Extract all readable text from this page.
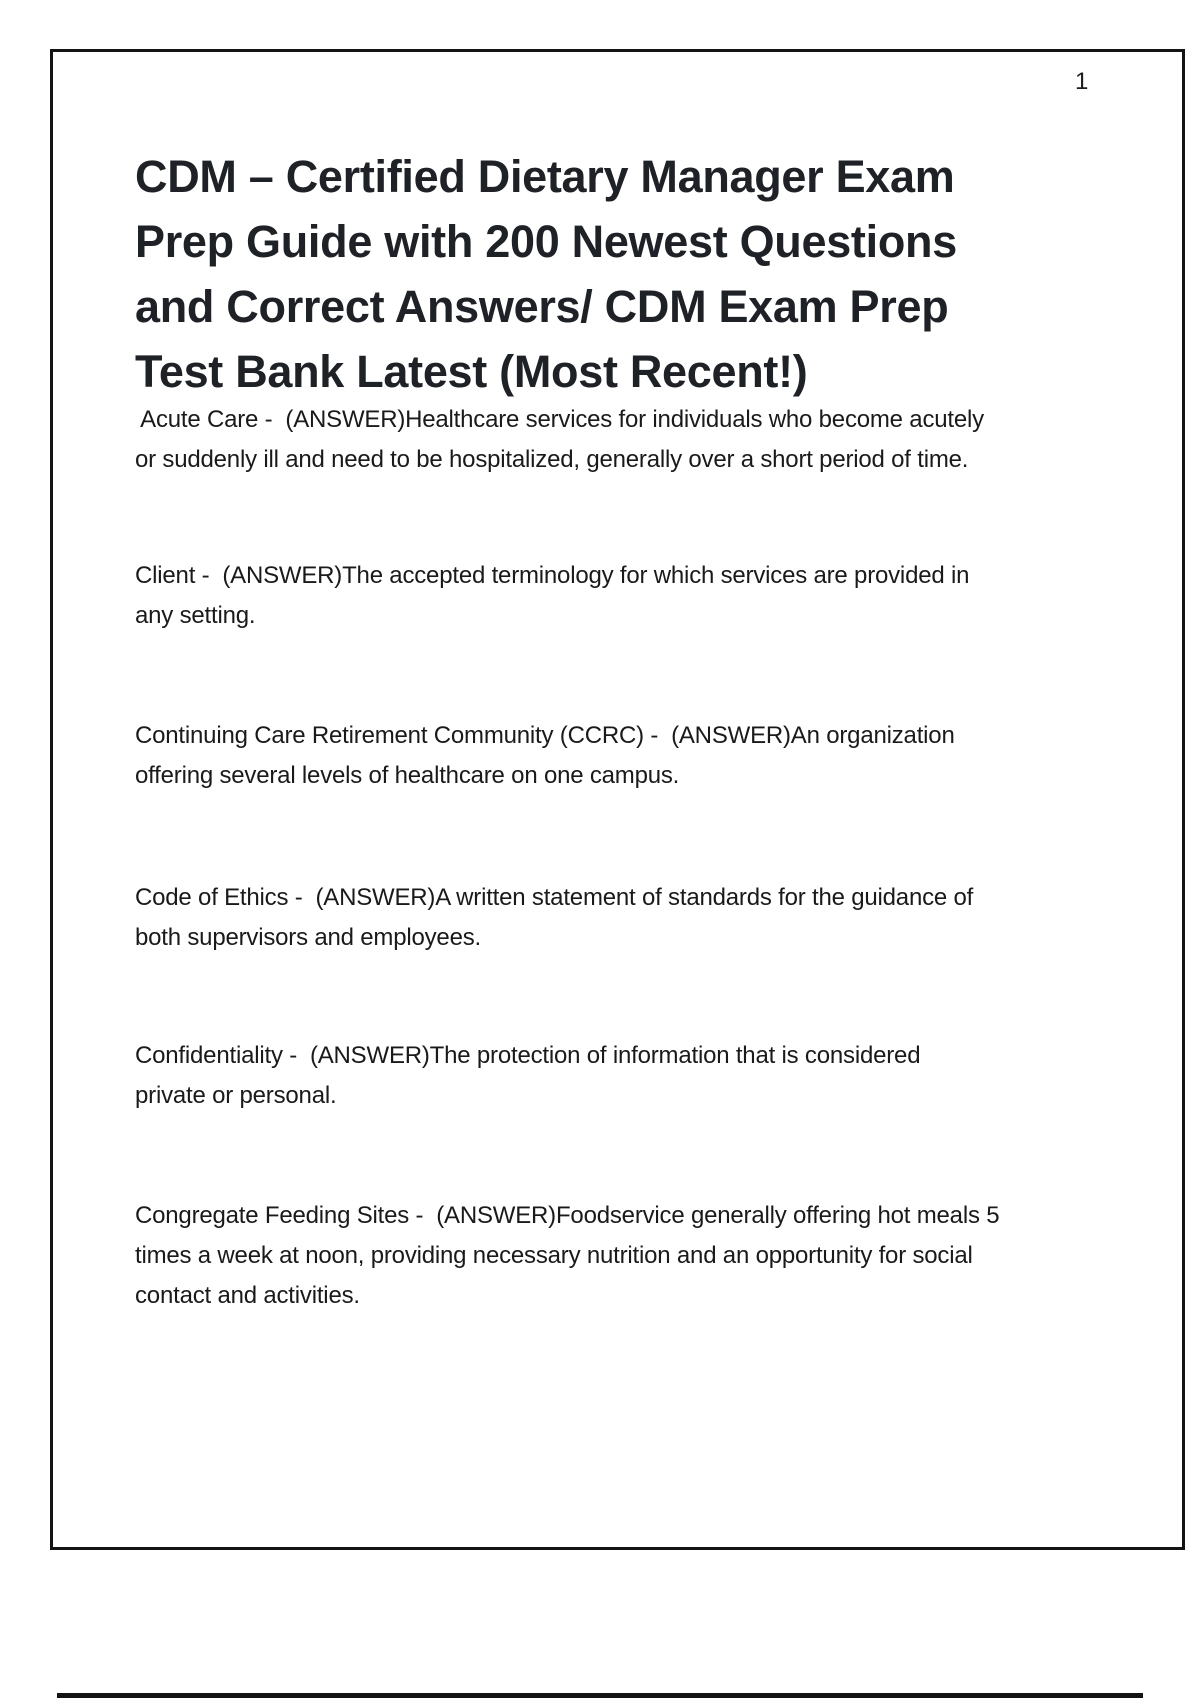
1
CDM – Certified Dietary Manager Exam
Prep Guide with 200 Newest Questions
and Correct Answers/ CDM Exam Prep
Test Bank Latest (Most Recent!)
Acute Care -  (ANSWER)Healthcare services for individuals who become acutely
or suddenly ill and need to be hospitalized, generally over a short period of time.
Client -  (ANSWER)The accepted terminology for which services are provided in
any setting.
Continuing Care Retirement Community (CCRC) -  (ANSWER)An organization
offering several levels of healthcare on one campus.
Code of Ethics -  (ANSWER)A written statement of standards for the guidance of
both supervisors and employees.
Confidentiality -  (ANSWER)The protection of information that is considered
private or personal.
Congregate Feeding Sites -  (ANSWER)Foodservice generally offering hot meals 5
times a week at noon, providing necessary nutrition and an opportunity for social
contact and activities.
